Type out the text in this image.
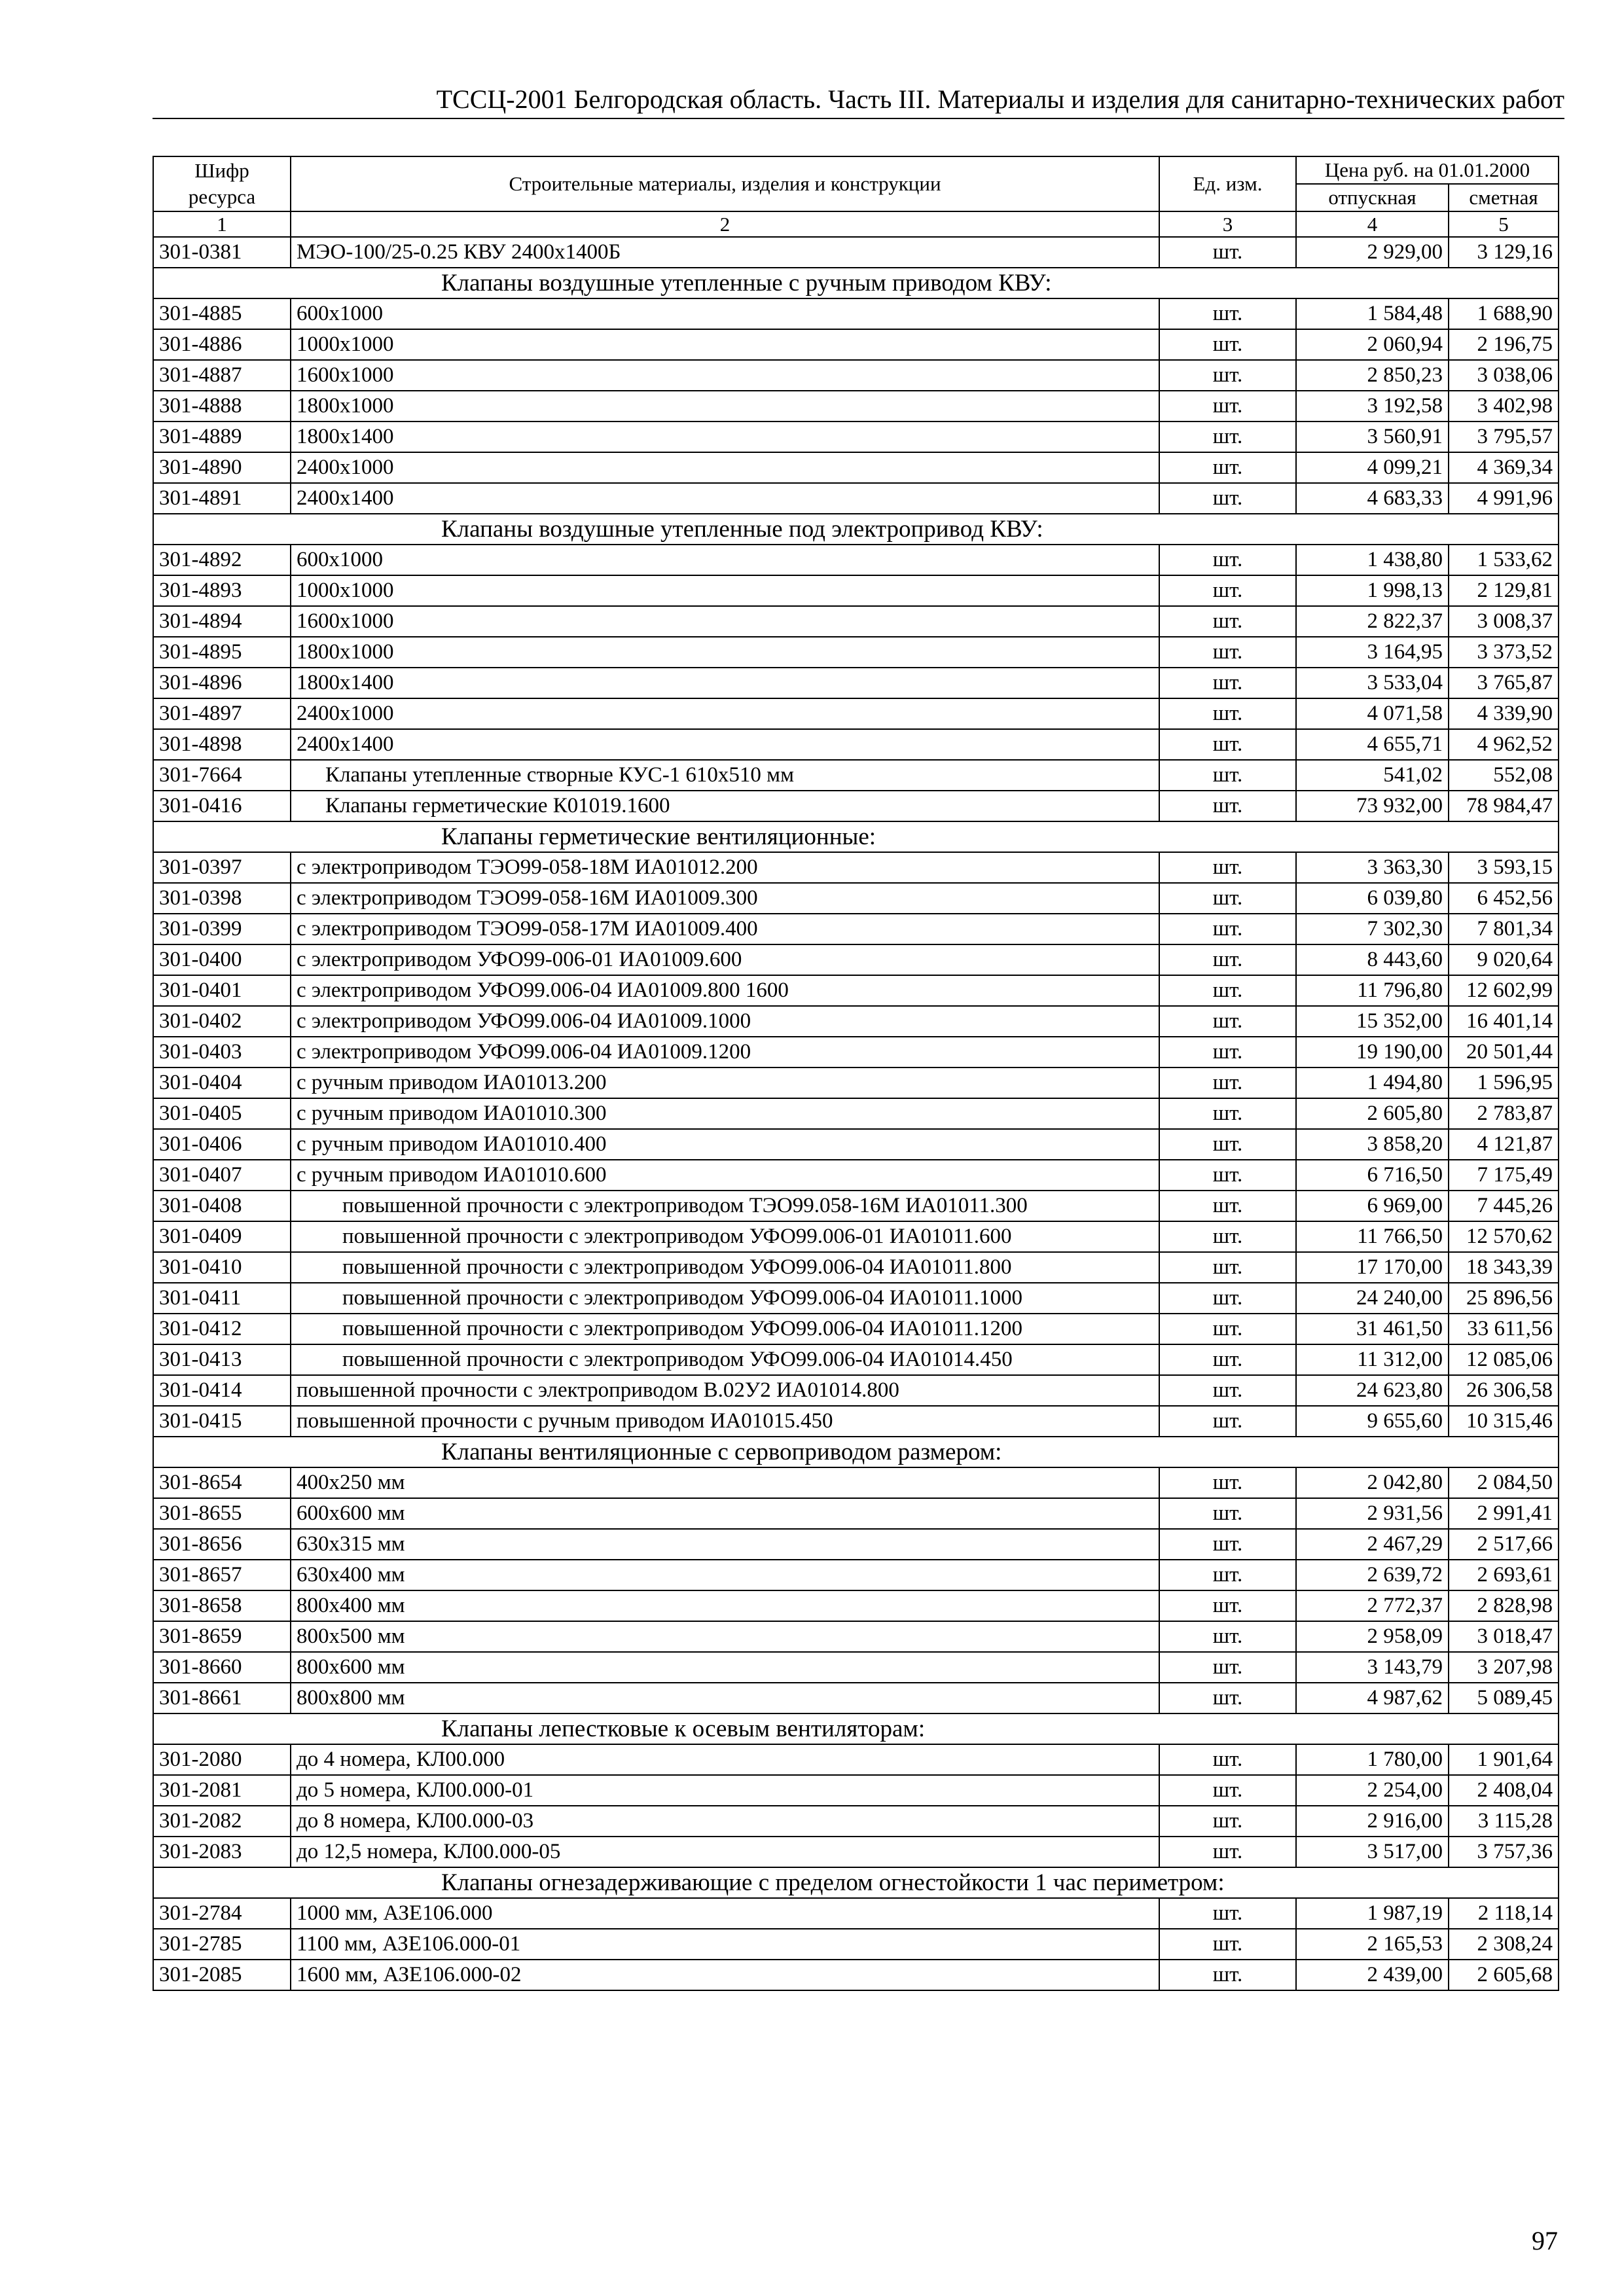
ТССЦ-2001 Белгородская область. Часть III. Материалы и изделия для санитарно-технических работ
Шифр ресурса	Строительные материалы, изделия и конструкции	Ед. изм.	Цена руб. на 01.01.2000	
			отпускная	сметная
1	2	3	4	5
301-0381	МЭО-100/25-0.25 КВУ 2400х1400Б	шт.	2 929,00	3 129,16
	Клапаны воздушные утепленные с ручным приводом КВУ:			
301-4885	600х1000	шт.	1 584,48	1 688,90
301-4886	1000х1000	шт.	2 060,94	2 196,75
301-4887	1600х1000	шт.	2 850,23	3 038,06
301-4888	1800х1000	шт.	3 192,58	3 402,98
301-4889	1800х1400	шт.	3 560,91	3 795,57
301-4890	2400х1000	шт.	4 099,21	4 369,34
301-4891	2400х1400	шт.	4 683,33	4 991,96
	Клапаны воздушные утепленные под электропривод КВУ:			
301-4892	600х1000	шт.	1 438,80	1 533,62
301-4893	1000х1000	шт.	1 998,13	2 129,81
301-4894	1600х1000	шт.	2 822,37	3 008,37
301-4895	1800х1000	шт.	3 164,95	3 373,52
301-4896	1800х1400	шт.	3 533,04	3 765,87
301-4897	2400х1000	шт.	4 071,58	4 339,90
301-4898	2400х1400	шт.	4 655,71	4 962,52
301-7664	Клапаны утепленные створные КУС-1 610х510 мм	шт.	541,02	552,08
301-0416	Клапаны герметические К01019.1600	шт.	73 932,00	78 984,47
	Клапаны герметические вентиляционные:			
301-0397	с электроприводом ТЭО99-058-18М ИА01012.200	шт.	3 363,30	3 593,15
301-0398	с электроприводом ТЭО99-058-16М ИА01009.300	шт.	6 039,80	6 452,56
301-0399	с электроприводом ТЭО99-058-17М ИА01009.400	шт.	7 302,30	7 801,34
301-0400	с электроприводом УФО99-006-01 ИА01009.600	шт.	8 443,60	9 020,64
301-0401	с электроприводом УФО99.006-04 ИА01009.800 1600	шт.	11 796,80	12 602,99
301-0402	с электроприводом УФО99.006-04 ИА01009.1000	шт.	15 352,00	16 401,14
301-0403	с электроприводом УФО99.006-04 ИА01009.1200	шт.	19 190,00	20 501,44
301-0404	с ручным приводом ИА01013.200	шт.	1 494,80	1 596,95
301-0405	с ручным приводом ИА01010.300	шт.	2 605,80	2 783,87
301-0406	с ручным приводом ИА01010.400	шт.	3 858,20	4 121,87
301-0407	с ручным приводом ИА01010.600	шт.	6 716,50	7 175,49
301-0408	повышенной прочности с электроприводом ТЭО99.058-16М ИА01011.300	шт.	6 969,00	7 445,26
301-0409	повышенной прочности с электроприводом УФО99.006-01 ИА01011.600	шт.	11 766,50	12 570,62
301-0410	повышенной прочности с электроприводом УФО99.006-04 ИА01011.800	шт.	17 170,00	18 343,39
301-0411	повышенной прочности с электроприводом УФО99.006-04 ИА01011.1000	шт.	24 240,00	25 896,56
301-0412	повышенной прочности с электроприводом УФО99.006-04 ИА01011.1200	шт.	31 461,50	33 611,56
301-0413	повышенной прочности с электроприводом УФО99.006-04 ИА01014.450	шт.	11 312,00	12 085,06
301-0414	повышенной прочности с электроприводом В.02У2 ИА01014.800	шт.	24 623,80	26 306,58
301-0415	повышенной прочности с ручным приводом ИА01015.450	шт.	9 655,60	10 315,46
	Клапаны вентиляционные с сервоприводом размером:			
301-8654	400х250 мм	шт.	2 042,80	2 084,50
301-8655	600х600 мм	шт.	2 931,56	2 991,41
301-8656	630х315 мм	шт.	2 467,29	2 517,66
301-8657	630х400 мм	шт.	2 639,72	2 693,61
301-8658	800х400 мм	шт.	2 772,37	2 828,98
301-8659	800х500 мм	шт.	2 958,09	3 018,47
301-8660	800х600 мм	шт.	3 143,79	3 207,98
301-8661	800х800 мм	шт.	4 987,62	5 089,45
	Клапаны лепестковые к осевым вентиляторам:			
301-2080	до 4 номера, КЛ00.000	шт.	1 780,00	1 901,64
301-2081	до 5 номера, КЛ00.000-01	шт.	2 254,00	2 408,04
301-2082	до 8 номера, КЛ00.000-03	шт.	2 916,00	3 115,28
301-2083	до 12,5 номера, КЛ00.000-05	шт.	3 517,00	3 757,36
	Клапаны огнезадерживающие с пределом огнестойкости 1 час периметром:			
301-2784	1000 мм, АЗЕ106.000	шт.	1 987,19	2 118,14
301-2785	1100 мм, АЗЕ106.000-01	шт.	2 165,53	2 308,24
301-2085	1600 мм, АЗЕ106.000-02	шт.	2 439,00	2 605,68
97
